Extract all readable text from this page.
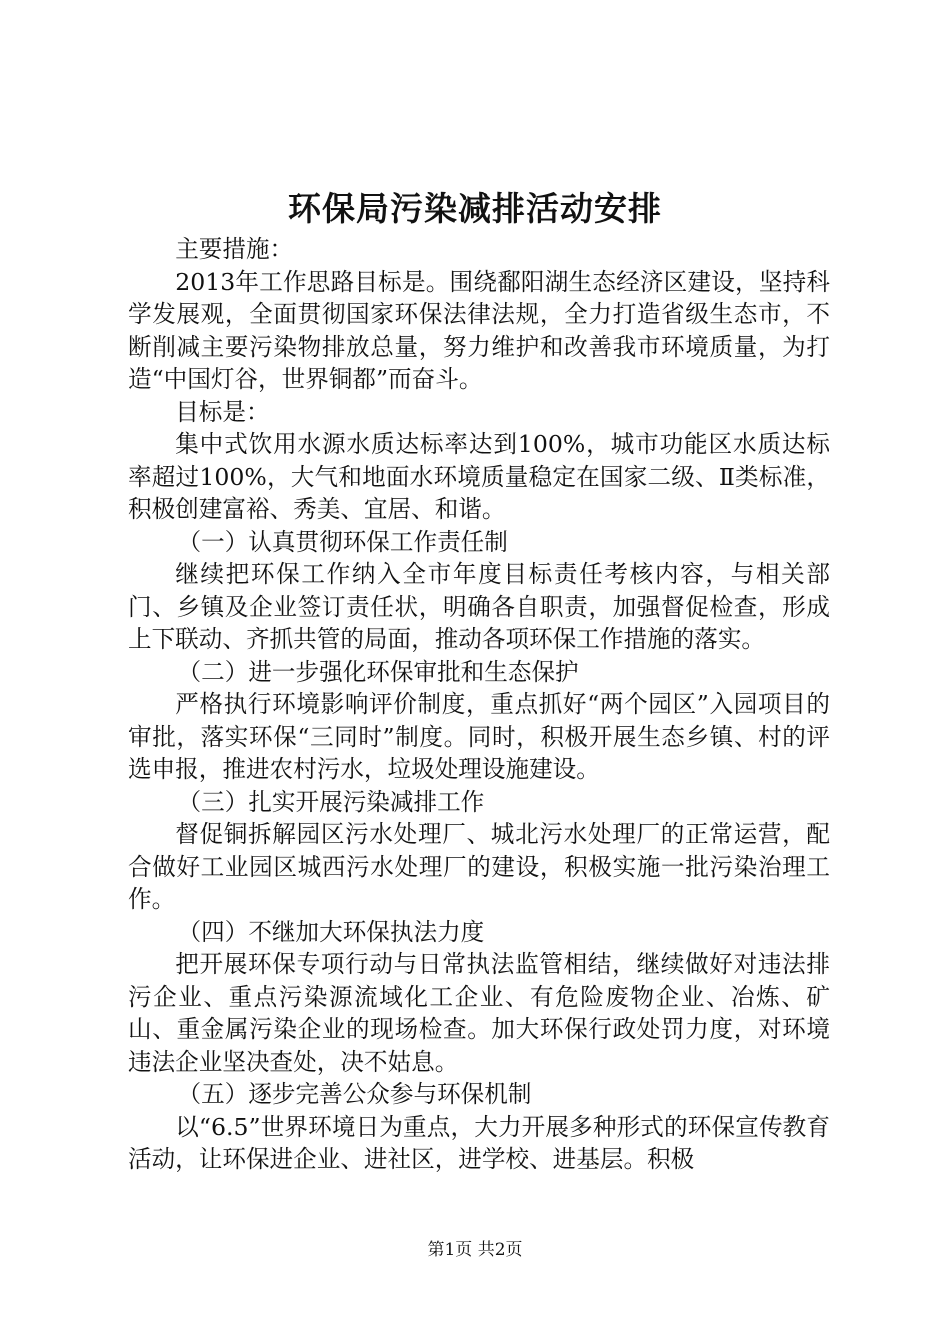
环保局污染减排活动安排

主要措施：

2013年工作思路目标是。围绕鄱阳湖生态经济区建设，坚持科学发展观，全面贯彻国家环保法律法规，全力打造省级生态市，不断削减主要污染物排放总量，努力维护和改善我市环境质量，为打造“中国灯谷，世界铜都”而奋斗。

目标是：

集中式饮用水源水质达标率达到100%，城市功能区水质达标率超过100%，大气和地面水环境质量稳定在国家二级、Ⅱ类标准，积极创建富裕、秀美、宜居、和谐。

（一）认真贯彻环保工作责任制

继续把环保工作纳入全市年度目标责任考核内容，与相关部门、乡镇及企业签订责任状，明确各自职责，加强督促检查，形成上下联动、齐抓共管的局面，推动各项环保工作措施的落实。

（二）进一步强化环保审批和生态保护

严格执行环境影响评价制度，重点抓好“两个园区”入园项目的审批，落实环保“三同时”制度。同时，积极开展生态乡镇、村的评选申报，推进农村污水，垃圾处理设施建设。

（三）扎实开展污染减排工作

督促铜拆解园区污水处理厂、城北污水处理厂的正常运营，配合做好工业园区城西污水处理厂的建设，积极实施一批污染治理工作。

（四）不继加大环保执法力度

把开展环保专项行动与日常执法监管相结，继续做好对违法排污企业、重点污染源流域化工企业、有危险废物企业、冶炼、矿山、重金属污染企业的现场检查。加大环保行政处罚力度，对环境违法企业坚决查处，决不姑息。

（五）逐步完善公众参与环保机制

以“6.5”世界环境日为重点，大力开展多种形式的环保宣传教育活动，让环保进企业、进社区，进学校、进基层。积极

第1页 共2页
